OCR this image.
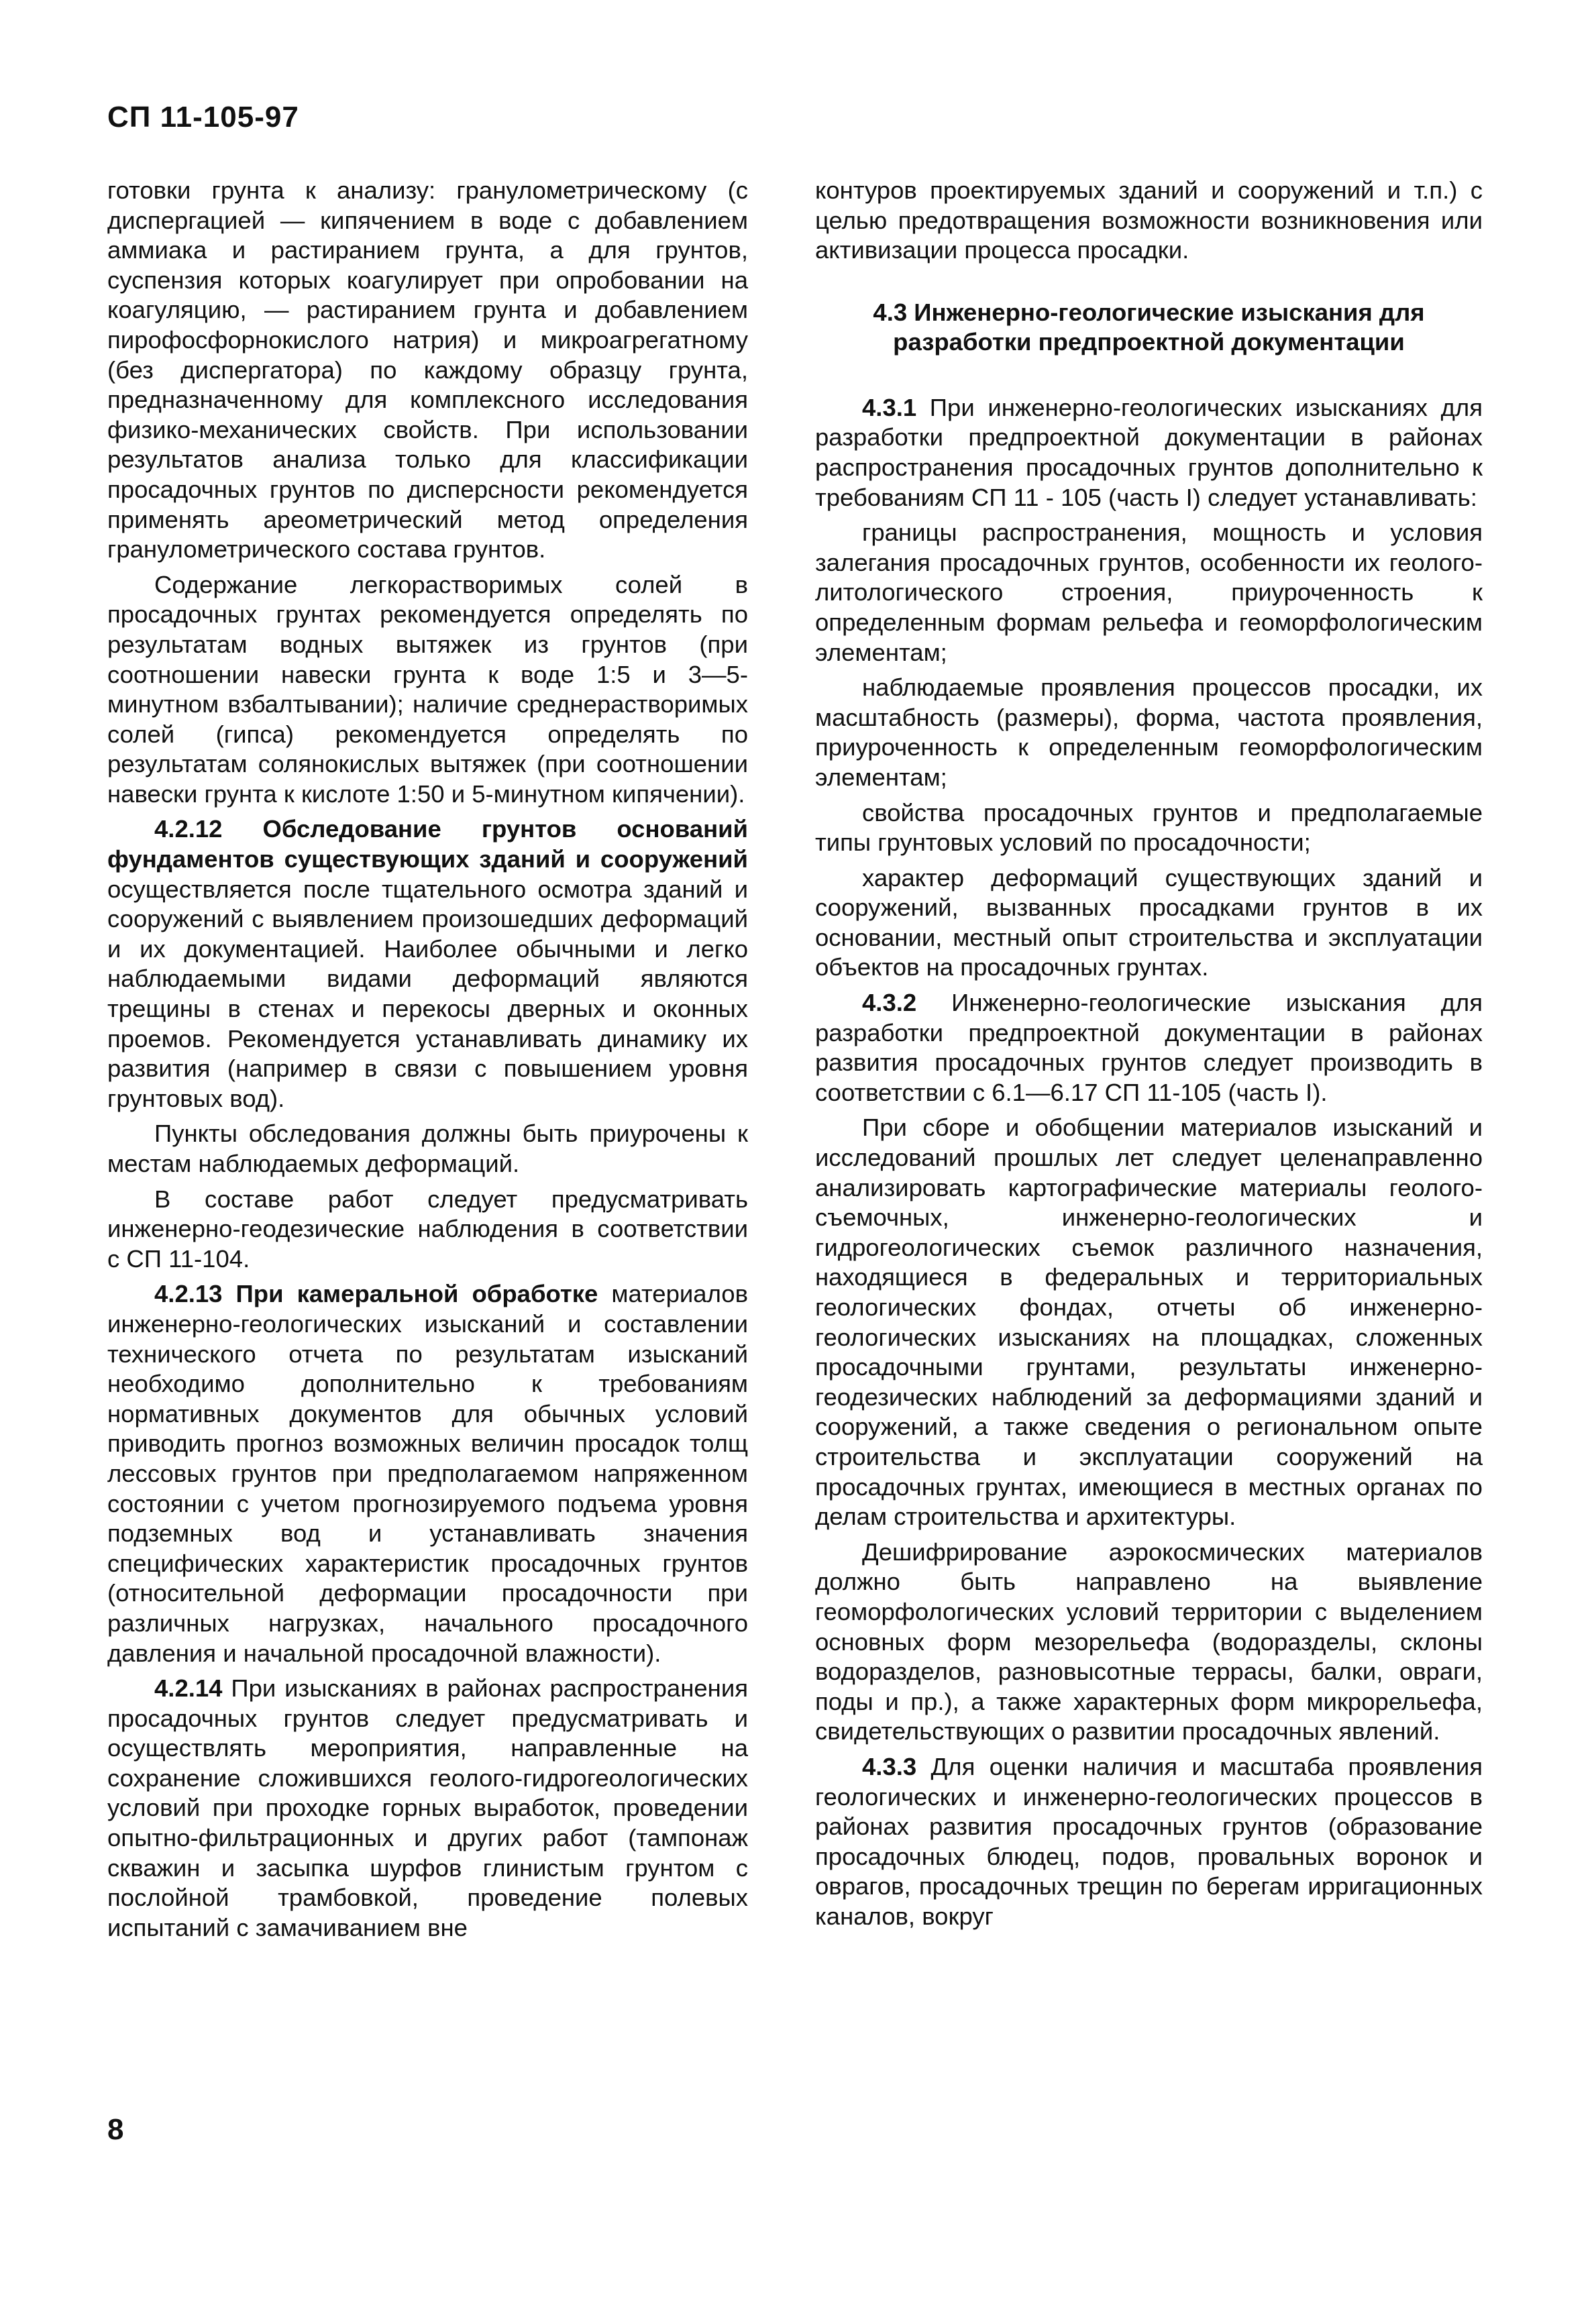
СП 11-105-97

готовки грунта к анализу: гранулометрическому (с диспергацией — кипячением в воде с добавлением аммиака и растиранием грунта, а для грунтов, суспензия которых коагулирует при опробовании на коагуляцию, — растиранием грунта и добавлением пирофосфорнокислого натрия) и микроагрегатному (без диспергатора) по каждому образцу грунта, предназначенному для комплексного исследования физико-механических свойств. При использовании результатов анализа только для классификации просадочных грунтов по дисперсности рекомендуется применять ареометрический метод определения гранулометрического состава грунтов.

Содержание легкорастворимых солей в просадочных грунтах рекомендуется определять по результатам водных вытяжек из грунтов (при соотношении навески грунта к воде 1:5 и 3—5-минутном взбалтывании); наличие среднерастворимых солей (гипса) рекомендуется определять по результатам солянокислых вытяжек (при соотношении навески грунта к кислоте 1:50 и 5-минутном кипячении).

4.2.12 Обследование грунтов оснований фундаментов существующих зданий и сооружений осуществляется после тщательного осмотра зданий и сооружений с выявлением произошедших деформаций и их документацией. Наиболее обычными и легко наблюдаемыми видами деформаций являются трещины в стенах и перекосы дверных и оконных проемов. Рекомендуется устанавливать динамику их развития (например в связи с повышением уровня грунтовых вод).

Пункты обследования должны быть приурочены к местам наблюдаемых деформаций.

В составе работ следует предусматривать инженерно-геодезические наблюдения в соответствии с СП 11-104.

4.2.13 При камеральной обработке материалов инженерно-геологических изысканий и составлении технического отчета по результатам изысканий необходимо дополнительно к требованиям нормативных документов для обычных условий приводить прогноз возможных величин просадок толщ лессовых грунтов при предполагаемом напряженном состоянии с учетом прогнозируемого подъема уровня подземных вод и устанавливать значения специфических характеристик просадочных грунтов (относительной деформации просадочности при различных нагрузках, начального просадочного давления и начальной просадочной влажности).

4.2.14 При изысканиях в районах распространения просадочных грунтов следует предусматривать и осуществлять мероприятия, направленные на сохранение сложившихся геолого-гидрогеологических условий при проходке горных выработок, проведении опытно-фильтрационных и других работ (тампонаж скважин и засыпка шурфов глинистым грунтом с послойной трамбовкой, проведение полевых испытаний с замачиванием вне

контуров проектируемых зданий и сооружений и т.п.) с целью предотвращения возможности возникновения или активизации процесса просадки.

4.3 Инженерно-геологические изыскания для разработки предпроектной документации

4.3.1 При инженерно-геологических изысканиях для разработки предпроектной документации в районах распространения просадочных грунтов дополнительно к требованиям СП 11 - 105 (часть I) следует устанавливать:

границы распространения, мощность и условия залегания просадочных грунтов, особенности их геолого-литологического строения, приуроченность к определенным формам рельефа и геоморфологическим элементам;

наблюдаемые проявления процессов просадки, их масштабность (размеры), форма, частота проявления, приуроченность к определенным геоморфологическим элементам;

свойства просадочных грунтов и предполагаемые типы грунтовых условий по просадочности;

характер деформаций существующих зданий и сооружений, вызванных просадками грунтов в их основании, местный опыт строительства и эксплуатации объектов на просадочных грунтах.

4.3.2 Инженерно-геологические изыскания для разработки предпроектной документации в районах развития просадочных грунтов следует производить в соответствии с 6.1—6.17 СП 11-105 (часть I).

При сборе и обобщении материалов изысканий и исследований прошлых лет следует целенаправленно анализировать картографические материалы геолого-съемочных, инженерно-геологических и гидрогеологических съемок различного назначения, находящиеся в федеральных и территориальных геологических фондах, отчеты об инженерно-геологических изысканиях на площадках, сложенных просадочными грунтами, результаты инженерно-геодезических наблюдений за деформациями зданий и сооружений, а также сведения о региональном опыте строительства и эксплуатации сооружений на просадочных грунтах, имеющиеся в местных органах по делам строительства и архитектуры.

Дешифрирование аэрокосмических материалов должно быть направлено на выявление геоморфологических условий территории с выделением основных форм мезорельефа (водоразделы, склоны водоразделов, разновысотные террасы, балки, овраги, поды и пр.), а также характерных форм микрорельефа, свидетельствующих о развитии просадочных явлений.

4.3.3 Для оценки наличия и масштаба проявления геологических и инженерно-геологических процессов в районах развития просадочных грунтов (образование просадочных блюдец, подов, провальных воронок и оврагов, просадочных трещин по берегам ирригационных каналов, вокруг

8
